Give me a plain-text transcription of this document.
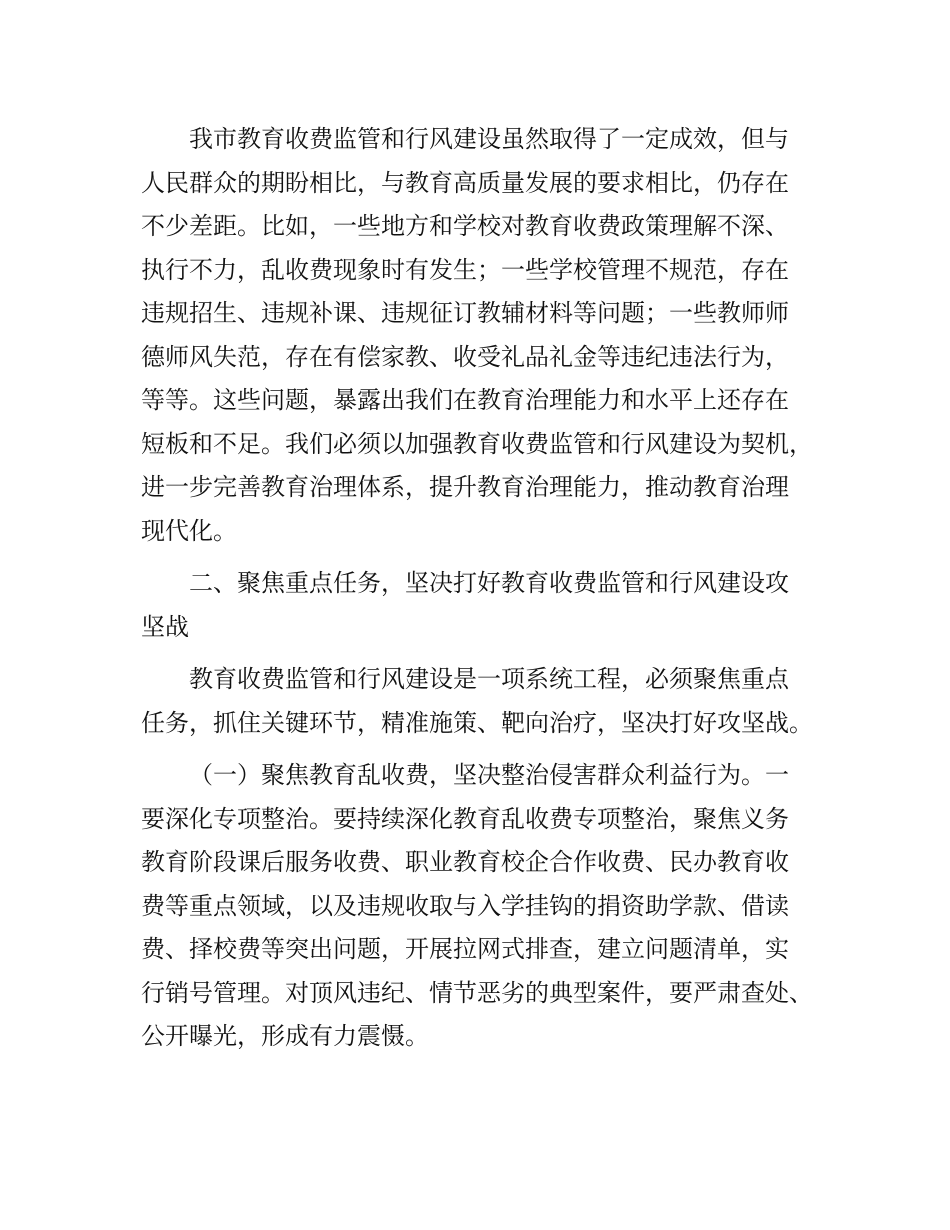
我市教育收费监管和行风建设虽然取得了一定成效，但与
人民群众的期盼相比，与教育高质量发展的要求相比，仍存在
不少差距。比如，一些地方和学校对教育收费政策理解不深、
执行不力，乱收费现象时有发生；一些学校管理不规范，存在
违规招生、违规补课、违规征订教辅材料等问题；一些教师师
德师风失范，存在有偿家教、收受礼品礼金等违纪违法行为，
等等。这些问题，暴露出我们在教育治理能力和水平上还存在
短板和不足。我们必须以加强教育收费监管和行风建设为契机，
进一步完善教育治理体系，提升教育治理能力，推动教育治理
现代化。
二、聚焦重点任务，坚决打好教育收费监管和行风建设攻
坚战
教育收费监管和行风建设是一项系统工程，必须聚焦重点
任务，抓住关键环节，精准施策、靶向治疗，坚决打好攻坚战。
（一）聚焦教育乱收费，坚决整治侵害群众利益行为。一
要深化专项整治。要持续深化教育乱收费专项整治，聚焦义务
教育阶段课后服务收费、职业教育校企合作收费、民办教育收
费等重点领域，以及违规收取与入学挂钩的捐资助学款、借读
费、择校费等突出问题，开展拉网式排查，建立问题清单，实
行销号管理。对顶风违纪、情节恶劣的典型案件，要严肃查处、
公开曝光，形成有力震慑。
